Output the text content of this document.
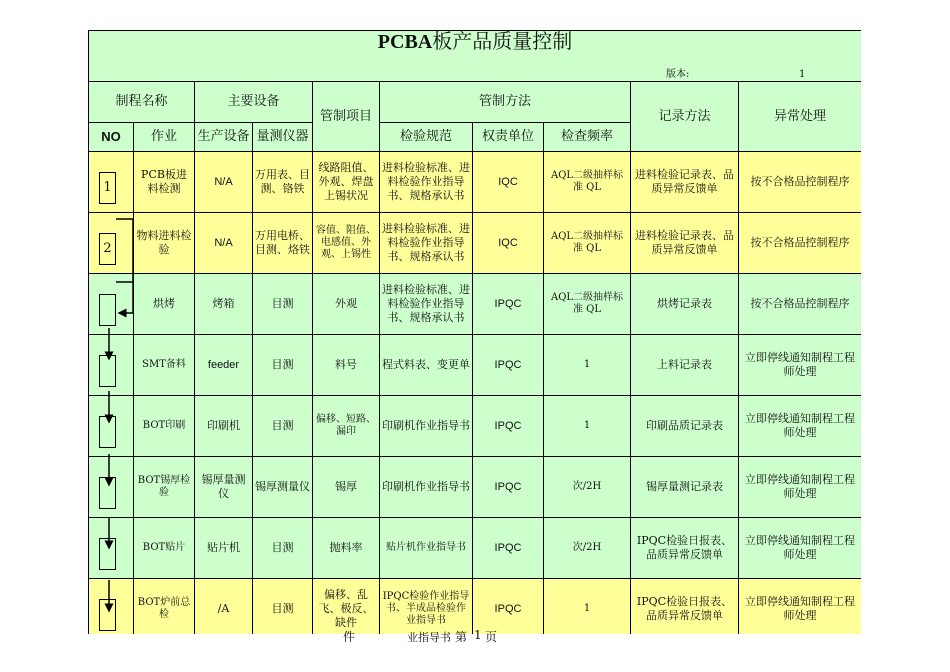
PCBA板产品质量控制
版本: 1									

制程名称		主要设备		管制项目	管制方法			记录方法	异常处理
NO	作业	生产设备	量测仪器		检验规范	权责单位	检查频率		

1	PCB板进料检测	N/A	万用表、目测、铬铁	线路阻值、外观、焊盘上锡状况	进料检验标准、进料检验作业指导书、规格承认书	IQC	AQL二级抽样标准 QL	进料检验记录表、品质异常反馈单	按不合格品控制程序

2	物料进料检验	N/A	万用电桥、目测、烙铁	容值、阻值、电感值、外观、上锡性	进料检验标准、进料检验作业指导书、规格承认书	IQC	AQL二级抽样标准 QL	进料检验记录表、品质异常反馈单	按不合格品控制程序

	烘烤	烤箱	目测	外观	进料检验标准、进料检验作业指导书、规格承认书	IPQC	AQL二级抽样标准 QL	烘烤记录表	按不合格品控制程序

	SMT备料	feeder	目测	料号	程式料表、变更单	IPQC	1	上料记录表	立即停线通知制程工程师处理

	BOT印刷	印刷机	目测	偏移、短路、漏印	印刷机作业指导书	IPQC	1	印刷品质记录表	立即停线通知制程工程师处理

	BOT锡厚检验	锡厚量测仪	锡厚测量仪	锡厚	印刷机作业指导书	IPQC	次/2H	锡厚量测记录表	立即停线通知制程工程师处理

	BOT贴片	贴片机	目测	抛料率	贴片机作业指导书	IPQC	次/2H	IPQC检验日报表、品质异常反馈单	立即停线通知制程工程师处理

	BOT炉前总检	/A	目测	偏移、乱飞、极反、缺件	IPQC检验作业指导书、半成品检验作业指导书	IPQC	1	IPQC检验日报表、品质异常反馈单	立即停线通知制程工程师处理
件	业指导书 第 1 页
